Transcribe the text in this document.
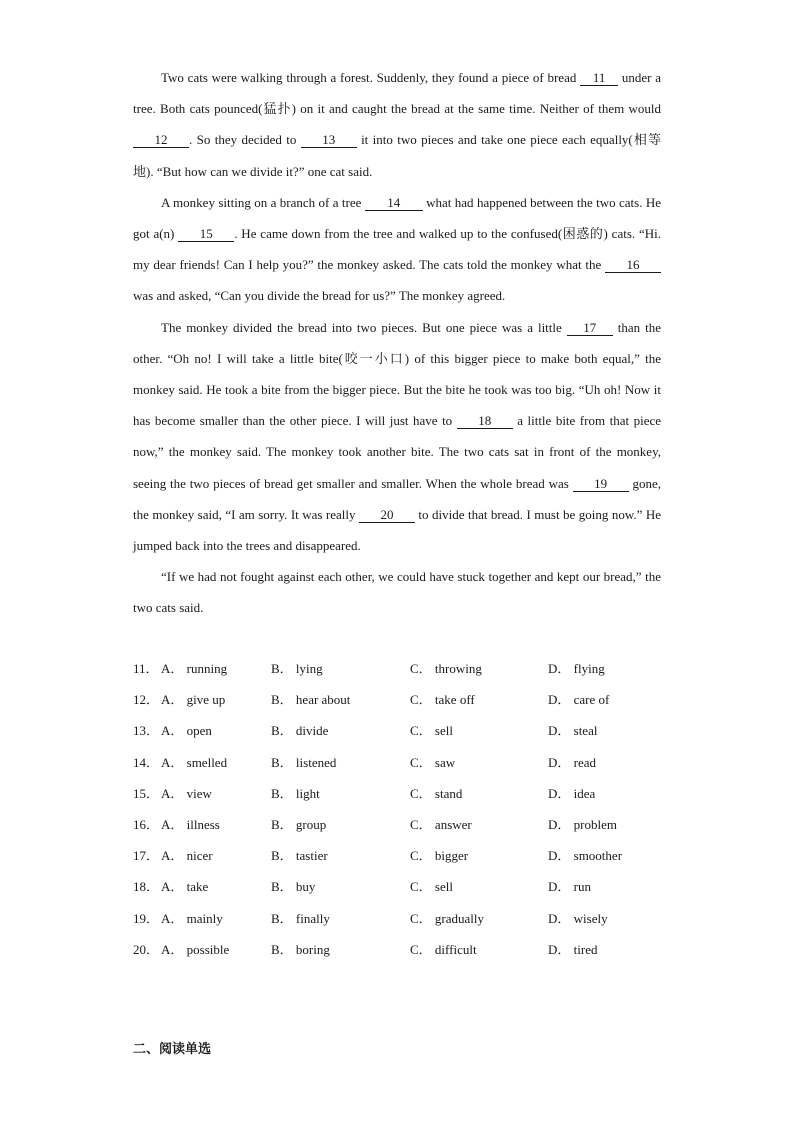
Two cats were walking through a forest. Suddenly, they found a piece of bread 11 under a tree. Both cats pounced(猛扑) on it and caught the bread at the same time. Neither of them would 12 . So they decided to 13 it into two pieces and take one piece each equally(相等地). “But how can we divide it?” one cat said.

A monkey sitting on a branch of a tree 14 what had happened between the two cats. He got a(n) 15 . He came down from the tree and walked up to the confused(困惑的) cats. “Hi. my dear friends! Can I help you?” the monkey asked. The cats told the monkey what the 16 was and asked, “Can you divide the bread for us?” The monkey agreed.

The monkey divided the bread into two pieces. But one piece was a little 17 than the other. “Oh no! I will take a little bite(咬一小口) of this bigger piece to make both equal,” the monkey said. He took a bite from the bigger piece. But the bite he took was too big. “Uh oh! Now it has become smaller than the other piece. I will just have to 18 a little bite from that piece now,” the monkey said. The monkey took another bite. The two cats sat in front of the monkey, seeing the two pieces of bread get smaller and smaller. When the whole bread was 19 gone, the monkey said, “I am sorry. It was really 20 to divide that bread. I must be going now.” He jumped back into the trees and disappeared.

“If we had not fought against each other, we could have stuck together and kept our bread,” the two cats said.

11． A． running	B． lying	C． throwing	D． flying
12． A． give up	B． hear about	C． take off	D． care of
13． A． open	B． divide	C． sell	D． steal
14． A． smelled	B． listened	C． saw	D． read
15． A． view	B． light	C． stand	D． idea
16． A． illness	B． group	C． answer	D． problem
17． A． nicer	B． tastier	C． bigger	D． smoother
18． A． take	B． buy	C． sell	D． run
19． A． mainly	B． finally	C． gradually	D． wisely
20． A． possible	B． boring	C． difficult	D． tired
二、阅读单选
